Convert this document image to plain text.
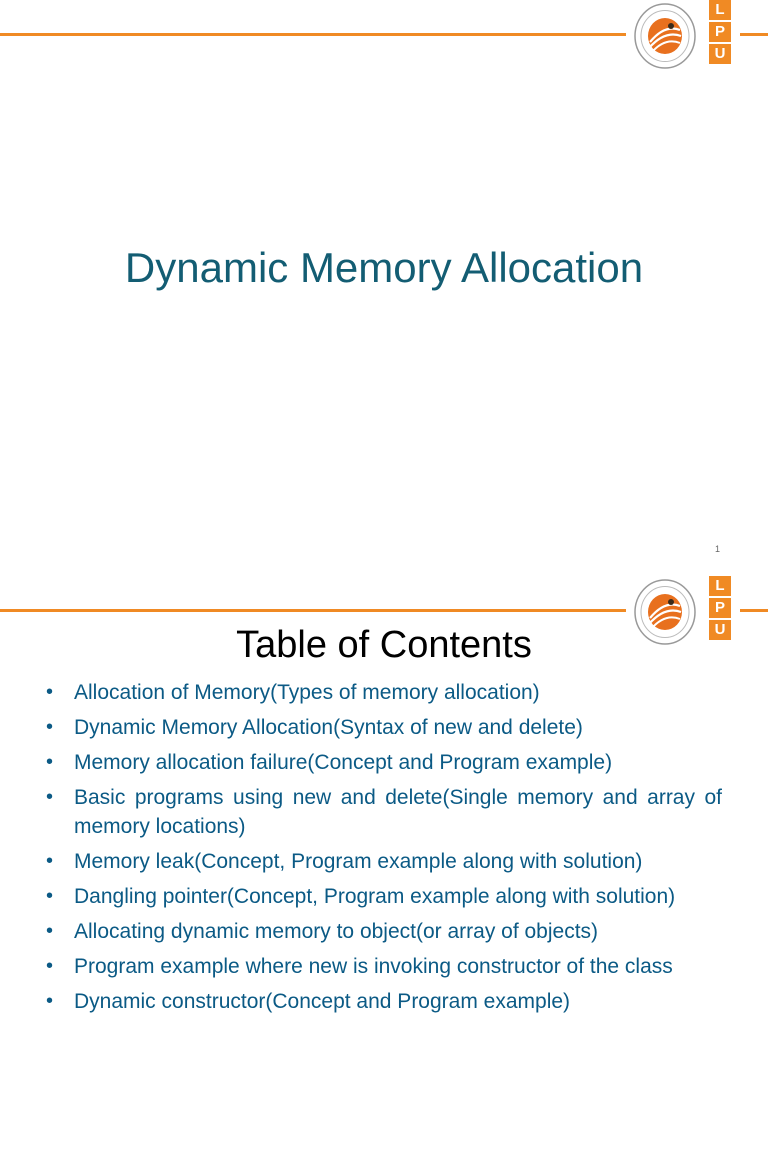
L
P
U
Dynamic Memory Allocation
1
L
P
U
Table of Contents
• Allocation of Memory(Types of memory allocation)
• Dynamic Memory Allocation(Syntax of new and delete)
• Memory allocation failure(Concept and Program example)
• Basic programs using new and delete(Single memory and array of memory locations)
• Memory leak(Concept, Program example along with solution)
• Dangling pointer(Concept, Program example along with solution)
• Allocating dynamic memory to object(or array of objects)
• Program example where new is invoking constructor of the class
• Dynamic constructor(Concept and Program example)
